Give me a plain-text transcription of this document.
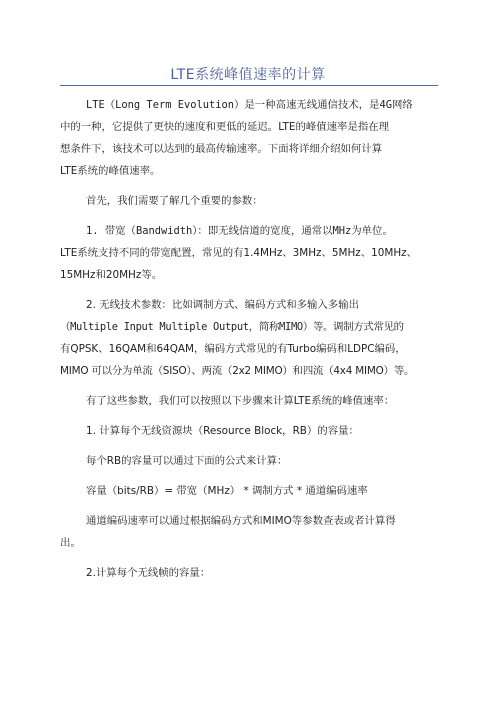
LTE系统峰值速率的计算
LTE（Long Term Evolution）是一种高速无线通信技术，是4G网络
中的一种，它提供了更快的速度和更低的延迟。LTE的峰值速率是指在理
想条件下，该技术可以达到的最高传输速率。下面将详细介绍如何计算
LTE系统的峰值速率。
首先，我们需要了解几个重要的参数：
1. 带宽（Bandwidth）：即无线信道的宽度，通常以MHz为单位。
LTE系统支持不同的带宽配置，常见的有1.4MHz、3MHz、5MHz、10MHz、
15MHz和20MHz等。
2. 无线技术参数：比如调制方式、编码方式和多输入多输出
（Multiple Input Multiple Output，简称MIMO）等。调制方式常见的
有QPSK、16QAM和64QAM，编码方式常见的有Turbo编码和LDPC编码，
MIMO 可以分为单流（SISO）、两流（2x2 MIMO）和四流（4x4 MIMO）等。
有了这些参数，我们可以按照以下步骤来计算LTE系统的峰值速率：
1. 计算每个无线资源块（Resource Block，RB）的容量：
每个RB的容量可以通过下面的公式来计算：
容量（bits/RB）= 带宽（MHz） * 调制方式 * 通道编码速率
通道编码速率可以通过根据编码方式和MIMO等参数查表或者计算得
出。
2.计算每个无线帧的容量：
